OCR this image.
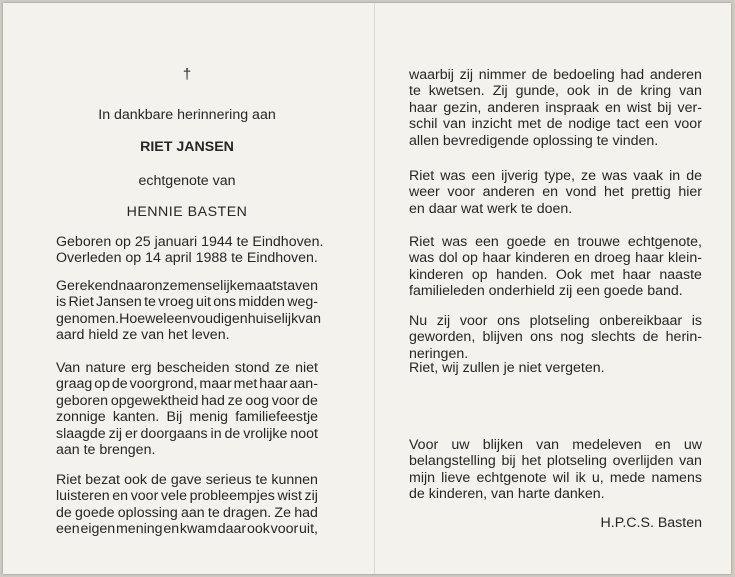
†

In dankbare herinnering aan

RIET JANSEN

echtgenote van

HENNIE BASTEN

Geboren op 25 januari 1944 te Eindhoven.
Overleden op 14 april 1988 te Eindhoven.
Gerekend naar onze menselijke maatstaven
is Riet Jansen te vroeg uit ons midden weg-
genomen. Hoewel eenvoudig en huiselijk van
aard hield ze van het leven.
Van nature erg bescheiden stond ze niet
graag op de voorgrond, maar met haar aan-
geboren opgewektheid had ze oog voor de
zonnige kanten. Bij menig familiefeestje
slaagde zij er doorgaans in de vrolijke noot
aan te brengen.
Riet bezat ook de gave serieus te kunnen
luisteren en voor vele probleempjes wist zij
de goede oplossing aan te dragen. Ze had
een eigen mening en kwam daar ook voor uit,
waarbij zij nimmer de bedoeling had anderen
te kwetsen. Zij gunde, ook in de kring van
haar gezin, anderen inspraak en wist bij ver-
schil van inzicht met de nodige tact een voor
allen bevredigende oplossing te vinden.
Riet was een ijverig type, ze was vaak in de
weer voor anderen en vond het prettig hier
en daar wat werk te doen.
Riet was een goede en trouwe echtgenote,
was dol op haar kinderen en droeg haar klein-
kinderen op handen. Ook met haar naaste
familieleden onderhield zij een goede band.
Nu zij voor ons plotseling onbereikbaar is
geworden, blijven ons nog slechts de herin-
neringen.
Riet, wij zullen je niet vergeten.
Voor uw blijken van medeleven en uw
belangstelling bij het plotseling overlijden van
mijn lieve echtgenote wil ik u, mede namens
de kinderen, van harte danken.

H.P.C.S. Basten
